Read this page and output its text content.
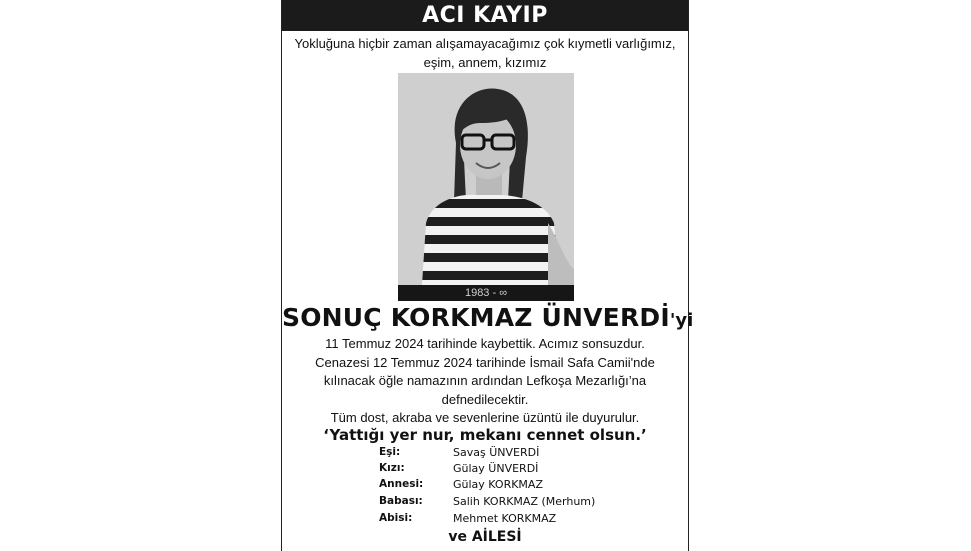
ACI KAYIP
Yokluğuna hiçbir zaman alışamayacağımız çok kıymetli varlığımız,
eşim, annem, kızımız
1983 - ∞
SONUÇ KORKMAZ ÜNVERDİ'yi
11 Temmuz 2024 tarihinde kaybettik. Acımız sonsuzdur.
Cenazesi 12 Temmuz 2024 tarihinde İsmail Safa Camii'nde
kılınacak öğle namazının ardından Lefkoşa Mezarlığı’na
defnedilecektir.
Tüm dost, akraba ve sevenlerine üzüntü ile duyurulur.
‘Yattığı yer nur, mekanı cennet olsun.’
Eşi:	Savaş ÜNVERDİ
Kızı:	Gülay ÜNVERDİ
Annesi:	Gülay KORKMAZ
Babası:	Salih KORKMAZ (Merhum)
Abisi:	Mehmet KORKMAZ
ve AİLESİ
